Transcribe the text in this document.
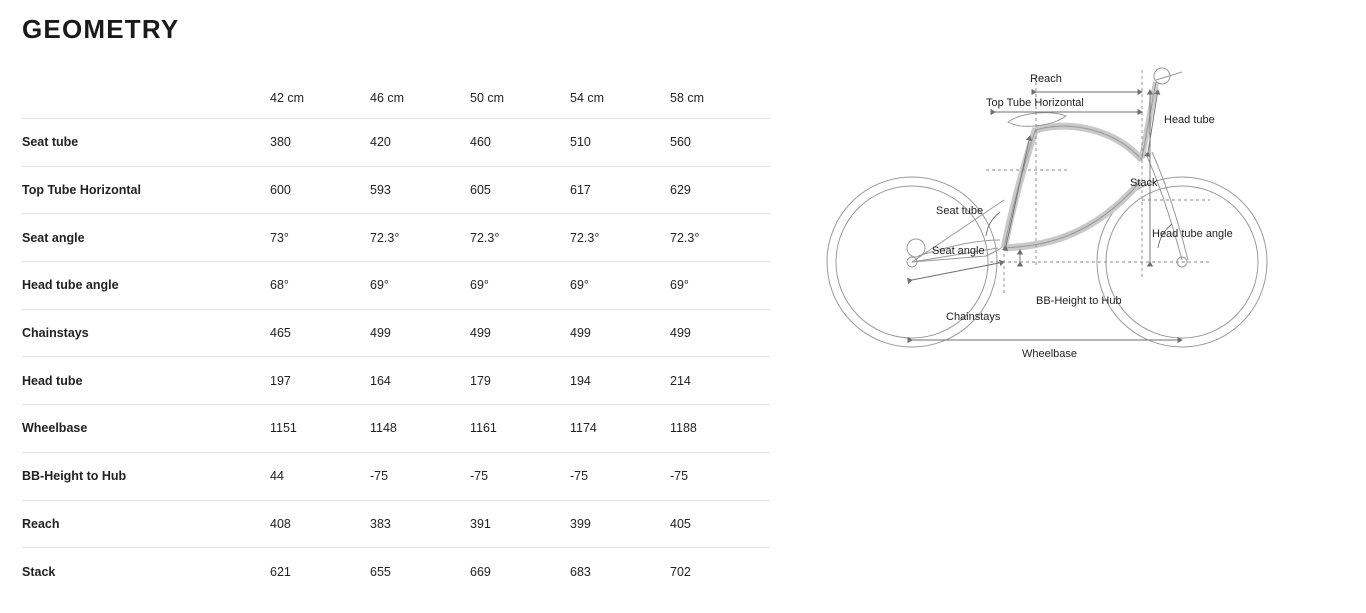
GEOMETRY
	42 cm	46 cm	50 cm	54 cm	58 cm
Seat tube	380	420	460	510	560
Top Tube Horizontal	600	593	605	617	629
Seat angle	73°	72.3°	72.3°	72.3°	72.3°
Head tube angle	68°	69°	69°	69°	69°
Chainstays	465	499	499	499	499
Head tube	197	164	179	194	214
Wheelbase	1151	1148	1161	1174	1188
BB-Height to Hub	44	-75	-75	-75	-75
Reach	408	383	391	399	405
Stack	621	655	669	683	702
Reach
Top Tube Horizontal
Head tube
Stack
Seat tube
Seat angle
Head tube angle
BB-Height to Hub
Chainstays
Wheelbase
